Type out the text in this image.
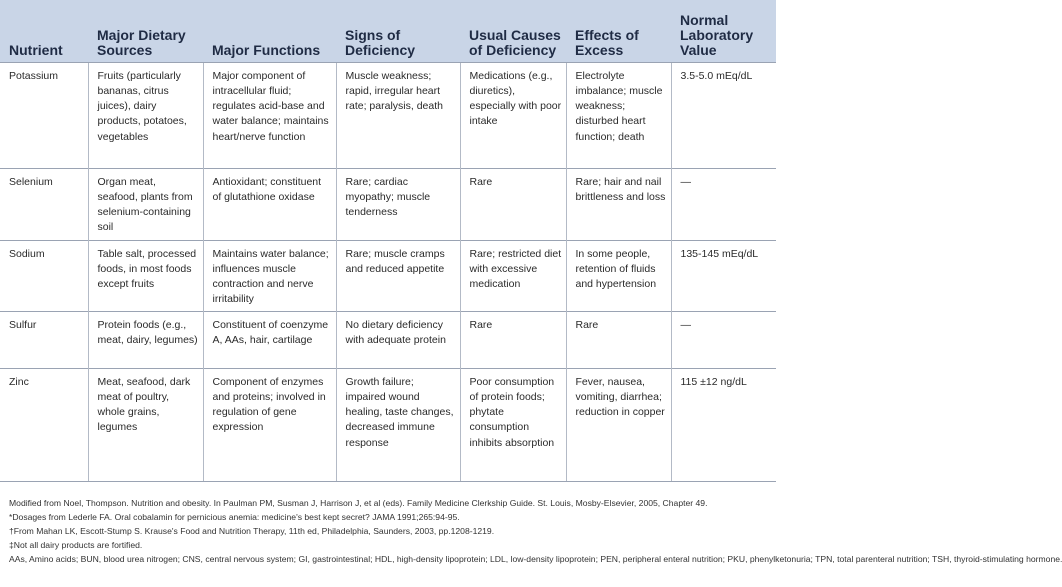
Nutrient	Major Dietary Sources	Major Functions	Signs of Deficiency	Usual Causes of Deficiency	Effects of Excess	Normal Laboratory Value
Potassium	Fruits (particularly bananas, citrus juices), dairy products, potatoes, vegetables	Major component of intracellular fluid; regulates acid-base and water balance; maintains heart/nerve function	Muscle weakness; rapid, irregular heart rate; paralysis, death	Medications (e.g., diuretics), especially with poor intake	Electrolyte imbalance; muscle weakness; disturbed heart function; death	3.5-5.0 mEq/dL
Selenium	Organ meat, seafood, plants from selenium-containing soil	Antioxidant; constituent of glutathione oxidase	Rare; cardiac myopathy; muscle tenderness	Rare	Rare; hair and nail brittleness and loss	—
Sodium	Table salt, processed foods, in most foods except fruits	Maintains water balance; influences muscle contraction and nerve irritability	Rare; muscle cramps and reduced appetite	Rare; restricted diet with excessive medication	In some people, retention of fluids and hypertension	135-145 mEq/dL
Sulfur	Protein foods (e.g., meat, dairy, legumes)	Constituent of coenzyme A, AAs, hair, cartilage	No dietary deficiency with adequate protein	Rare	Rare	—
Zinc	Meat, seafood, dark meat of poultry, whole grains, legumes	Component of enzymes and proteins; involved in regulation of gene expression	Growth failure; impaired wound healing, taste changes, decreased immune response	Poor consumption of protein foods; phytate consumption inhibits absorption	Fever, nausea, vomiting, diarrhea; reduction in copper	115 ±12 ng/dL
Modified from Noel, Thompson. Nutrition and obesity. In Paulman PM, Susman J, Harrison J, et al (eds). Family Medicine Clerkship Guide. St. Louis, Mosby-Elsevier, 2005, Chapter 49.
*Dosages from Lederle FA. Oral cobalamin for pernicious anemia: medicine's best kept secret? JAMA 1991;265:94-95.
†From Mahan LK, Escott-Stump S. Krause's Food and Nutrition Therapy, 11th ed, Philadelphia, Saunders, 2003, pp.1208-1219.
‡Not all dairy products are fortified.
AAs, Amino acids; BUN, blood urea nitrogen; CNS, central nervous system; GI, gastrointestinal; HDL, high-density lipoprotein; LDL, low-density lipoprotein; PEN, peripheral enteral nutrition; PKU, phenylketonuria; TPN, total parenteral nutrition; TSH, thyroid-stimulating hormone.
